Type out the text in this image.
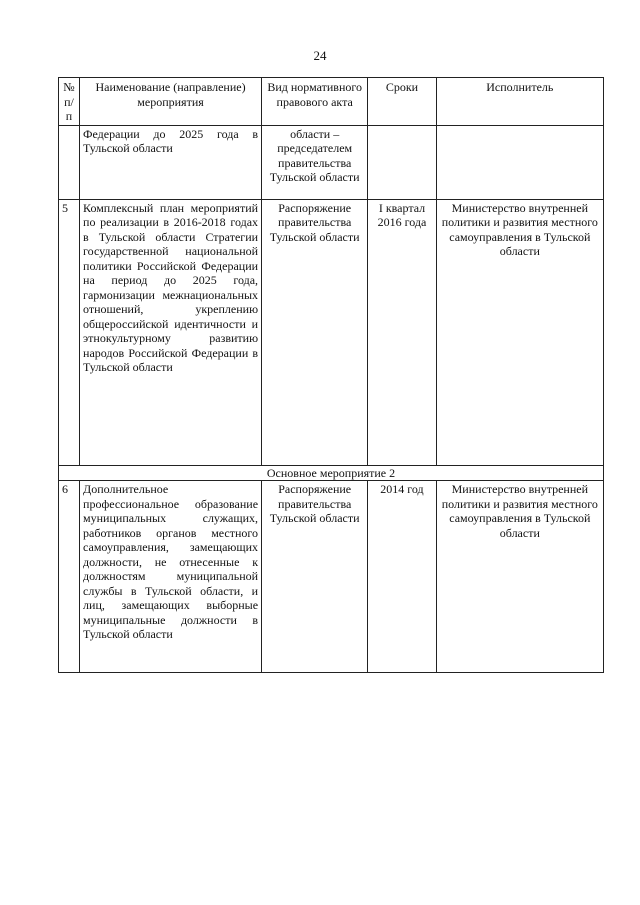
24
№ п/п	Наименование (направление) мероприятия	Вид нормативного правового акта	Сроки	Исполнитель
	Федерации до 2025 года в Тульской области	области – председателем правительства Тульской области		
5	Комплексный план мероприятий по реализации в 2016-2018 годах в Тульской области Стратегии государственной национальной политики Российской Федерации на период до 2025 года, гармонизации межнациональных отношений, укреплению общероссийской идентичности и этнокультурному развитию народов Российской Федерации в Тульской области	Распоряжение правительства Тульской области	I квартал 2016 года	Министерство внутренней политики и развития местного самоуправления в Тульской области
Основное мероприятие 2				
6	Дополнительное профессиональное образование муниципальных служащих, работников органов местного самоуправления, замещающих должности, не отнесенные к должностям муниципальной службы в Тульской области, и лиц, замещающих выборные муниципальные должности в Тульской области	Распоряжение правительства Тульской области	2014 год	Министерство внутренней политики и развития местного самоуправления в Тульской области
